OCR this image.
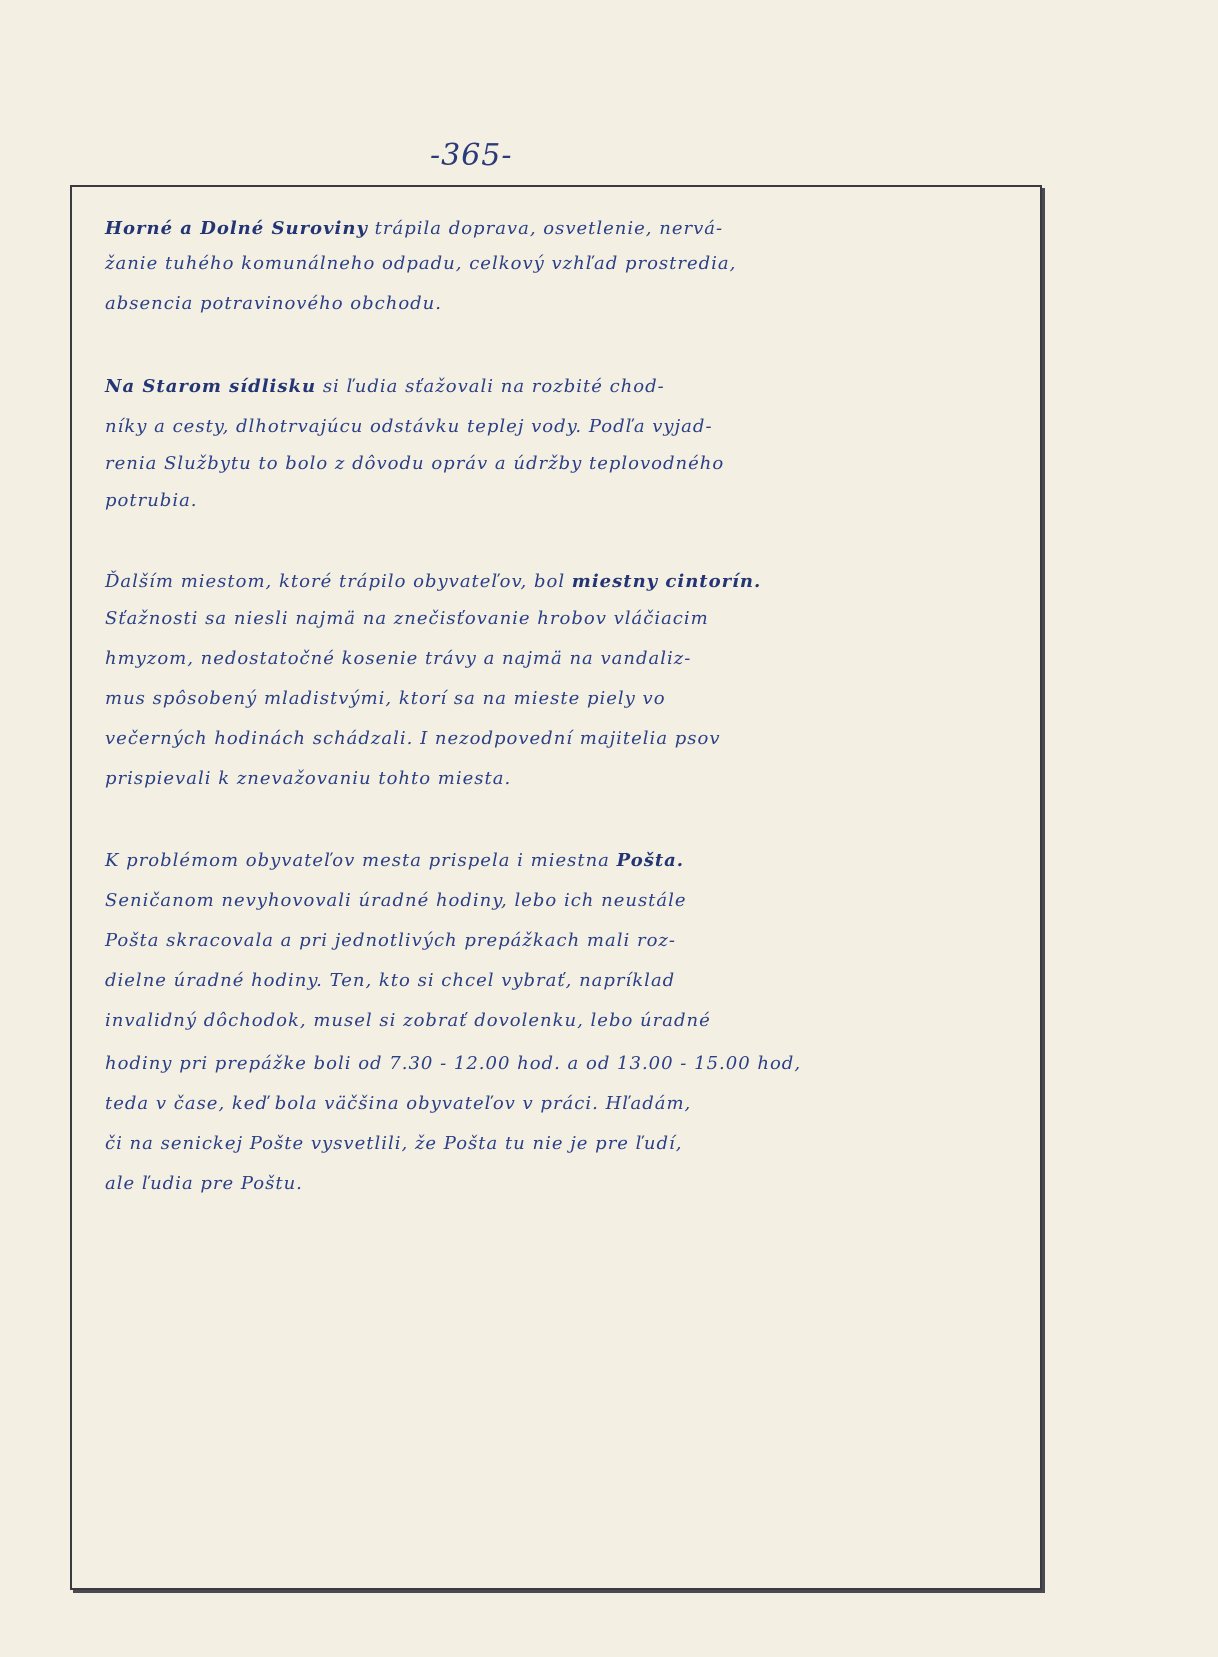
-365-
Horné a Dolné Suroviny trápila doprava, osvetlenie, nervá-
žanie tuhého komunálneho odpadu, celkový vzhľad prostredia,
absencia potravinového obchodu.
Na Starom sídlisku si ľudia sťažovali na rozbité chod-
níky a cesty, dlhotrvajúcu odstávku teplej vody. Podľa vyjad-
renia Službytu to bolo z dôvodu opráv a údržby teplovodného
potrubia.
Ďalším miestom, ktoré trápilo obyvateľov, bol miestny cintorín.
Sťažnosti sa niesli najmä na znečisťovanie hrobov vláčiacim
hmyzom, nedostatočné kosenie trávy a najmä na vandaliz-
mus spôsobený mladistvými, ktorí sa na mieste piely vo
večerných hodinách schádzali. I nezodpovední majitelia psov
prispievali k znevažovaniu tohto miesta.
K problémom obyvateľov mesta prispela i miestna Pošta.
Seničanom nevyhovovali úradné hodiny, lebo ich neustále
Pošta skracovala a pri jednotlivých prepážkach mali roz-
dielne úradné hodiny. Ten, kto si chcel vybrať, napríklad
invalidný dôchodok, musel si zobrať dovolenku, lebo úradné
hodiny pri prepážke boli od 7.30 - 12.00 hod. a od 13.00 - 15.00 hod,
teda v čase, keď bola väčšina obyvateľov v práci. Hľadám,
či na senickej Pošte vysvetlili, že Pošta tu nie je pre ľudí,
ale ľudia pre Poštu.
